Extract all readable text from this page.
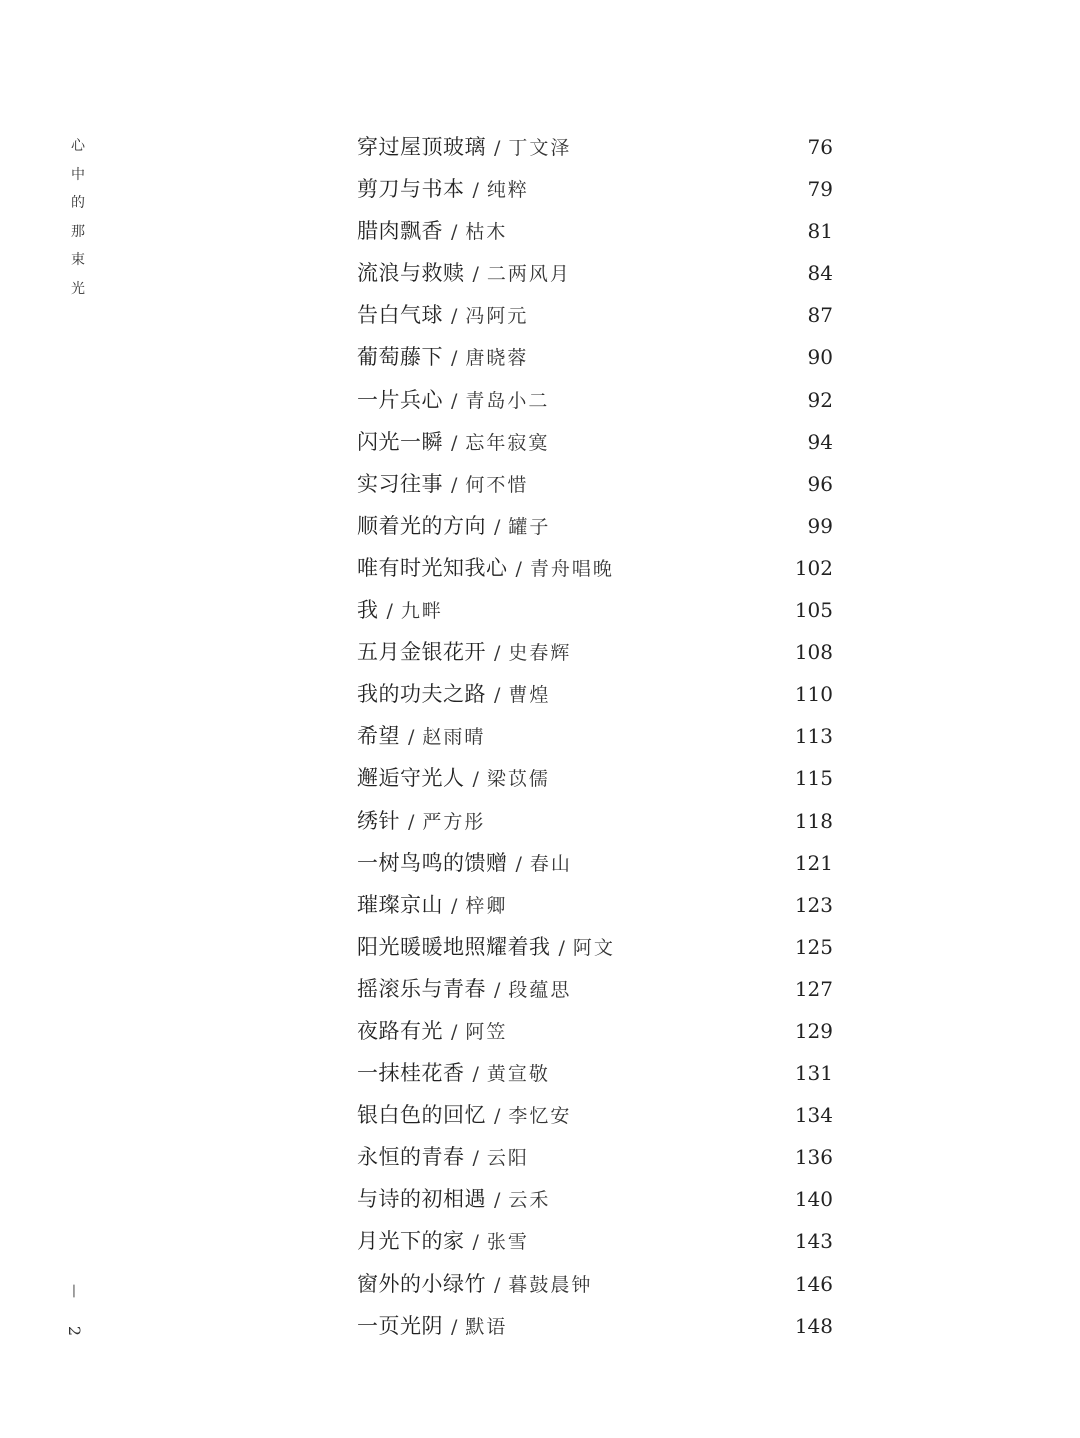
心
中
的
那
束
光
穿过屋顶玻璃 / 丁文泽	76
剪刀与书本 / 纯粹	79
腊肉飘香 / 枯木	81
流浪与救赎 / 二两风月	84
告白气球 / 冯阿元	87
葡萄藤下 / 唐晓蓉	90
一片兵心 / 青岛小二	92
闪光一瞬 / 忘年寂寞	94
实习往事 / 何不惜	96
顺着光的方向 / 罐子	99
唯有时光知我心 / 青舟唱晚	102
我 / 九畔	105
五月金银花开 / 史春辉	108
我的功夫之路 / 曹煌	110
希望 / 赵雨晴	113
邂逅守光人 / 梁苡儒	115
绣针 / 严方彤	118
一树鸟鸣的馈赠 / 春山	121
璀璨京山 / 梓卿	123
阳光暖暖地照耀着我 / 阿文	125
摇滚乐与青春 / 段蕴思	127
夜路有光 / 阿笠	129
一抹桂花香 / 黄宣敬	131
银白色的回忆 / 李忆安	134
永恒的青春 / 云阳	136
与诗的初相遇 / 云禾	140
月光下的家 / 张雪	143
窗外的小绿竹 / 暮鼓晨钟	146
一页光阴 / 默语	148
—
2
